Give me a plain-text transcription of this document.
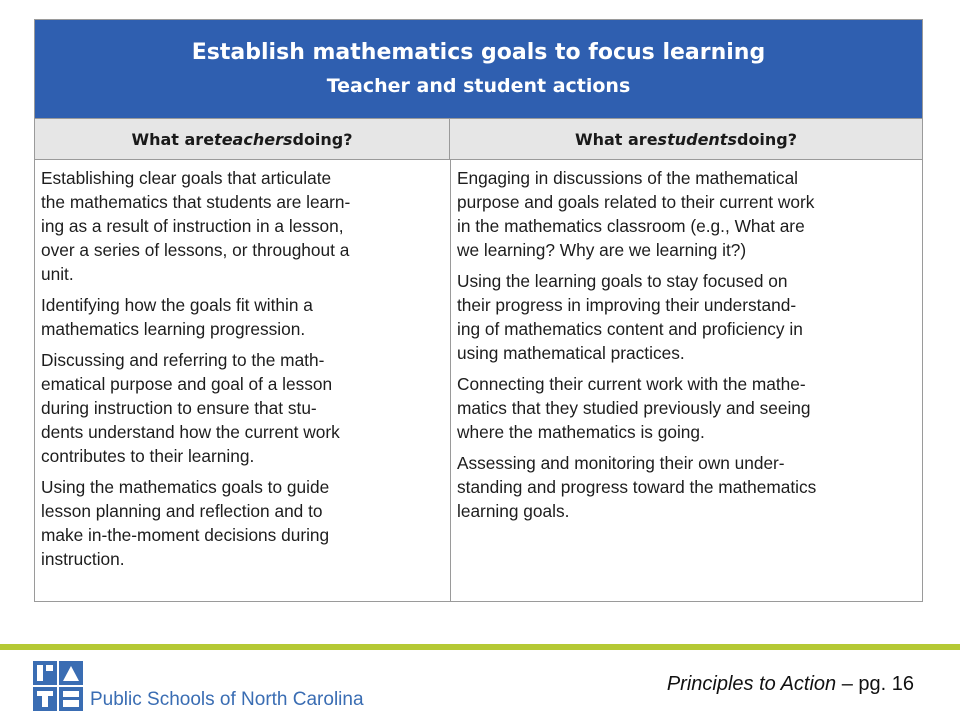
Establish mathematics goals to focus learning
Teacher and student actions
What are teachers doing?	What are students doing?

Establishing clear goals that articulate
the mathematics that students are learn-
ing as a result of instruction in a lesson,
over a series of lessons, or throughout a
unit.

Identifying how the goals fit within a
mathematics learning progression.

Discussing and referring to the math-
ematical purpose and goal of a lesson
during instruction to ensure that stu-
dents understand how the current work
contributes to their learning.

Using the mathematics goals to guide
lesson planning and reflection and to
make in-the-moment decisions during
instruction.

Engaging in discussions of the mathematical
purpose and goals related to their current work
in the mathematics classroom (e.g., What are
we learning? Why are we learning it?)

Using the learning goals to stay focused on
their progress in improving their understand-
ing of mathematics content and proficiency in
using mathematical practices.

Connecting their current work with the mathe-
matics that they studied previously and seeing
where the mathematics is going.

Assessing and monitoring their own under-
standing and progress toward the mathematics
learning goals.

Public Schools of North Carolina
Principles to Action – pg. 16
